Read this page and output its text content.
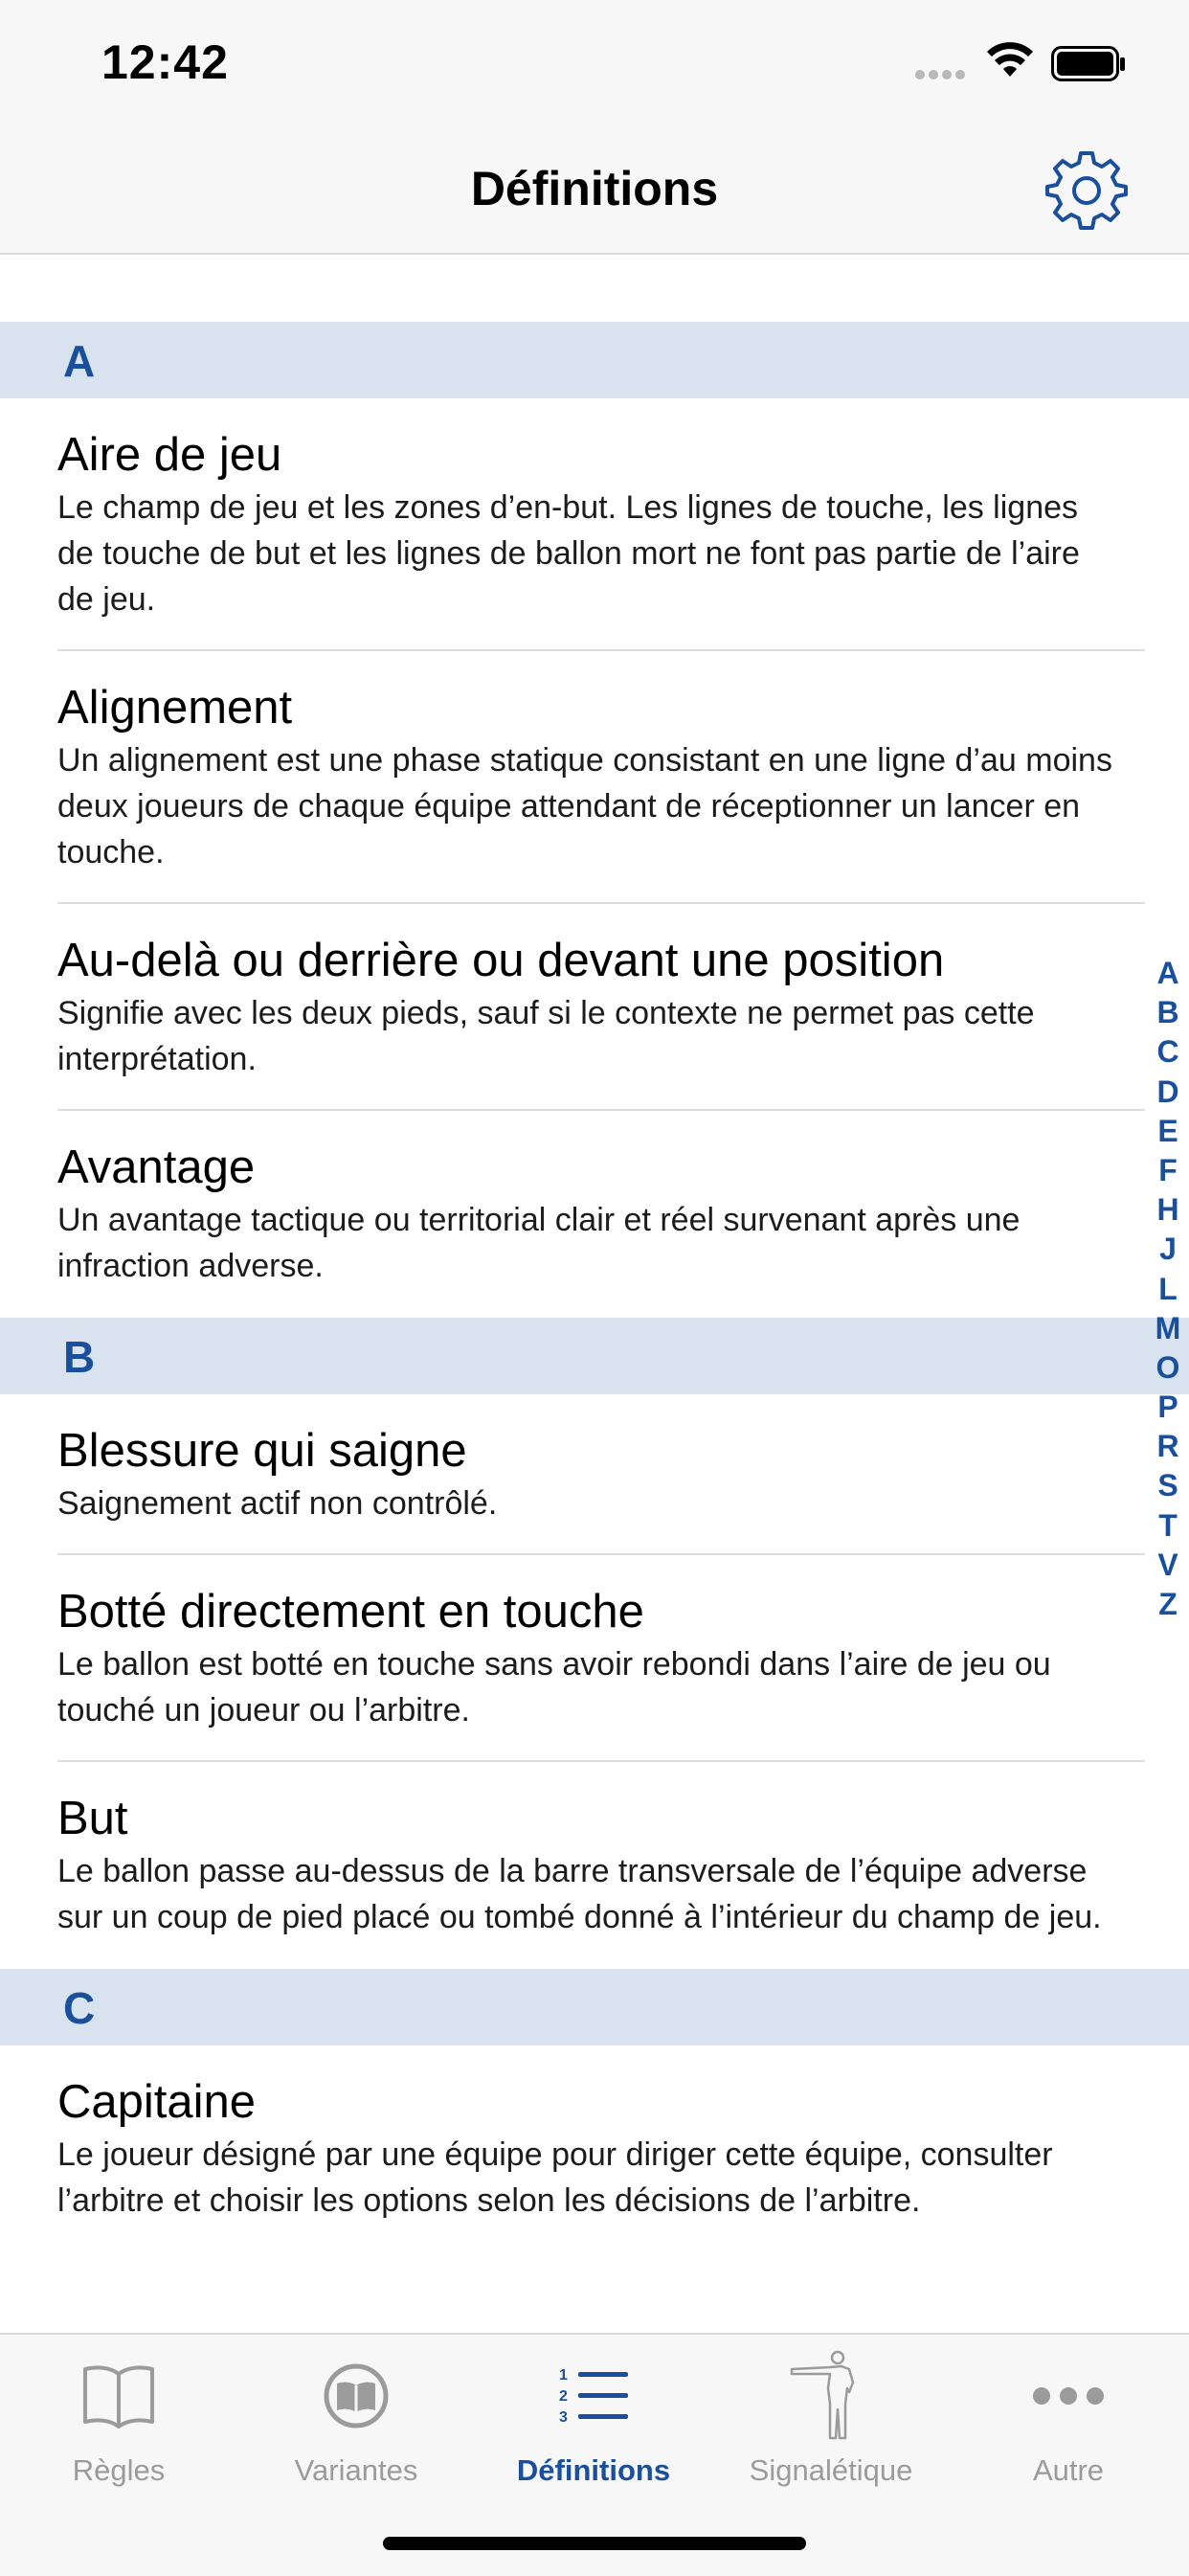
12:42
Définitions
A

Aire de jeu

Le champ de jeu et les zones d’en-but. Les lignes de touche, les lignes de touche de but et les lignes de ballon mort ne font pas partie de l’aire de jeu.

Alignement

Un alignement est une phase statique consistant en une ligne d’au moins deux joueurs de chaque équipe attendant de réceptionner un lancer en touche.

Au-delà ou derrière ou devant une position

Signifie avec les deux pieds, sauf si le contexte ne permet pas cette interprétation.

Avantage

Un avantage tactique ou territorial clair et réel survenant après une infraction adverse.

B

Blessure qui saigne

Saignement actif non contrôlé.

Botté directement en touche

Le ballon est botté en touche sans avoir rebondi dans l’aire de jeu ou touché un joueur ou l’arbitre.

But

Le ballon passe au-dessus de la barre transversale de l’équipe adverse sur un coup de pied placé ou tombé donné à l’intérieur du champ de jeu.

C

Capitaine

Le joueur désigné par une équipe pour diriger cette équipe, consulter l’arbitre et choisir les options selon les décisions de l’arbitre.

A
B
C
D
E
F
H
J
L
M
O
P
R
S
T
V
Z
Règles	Variantes
1
2
3
Définitions	Signalétique	Autre
